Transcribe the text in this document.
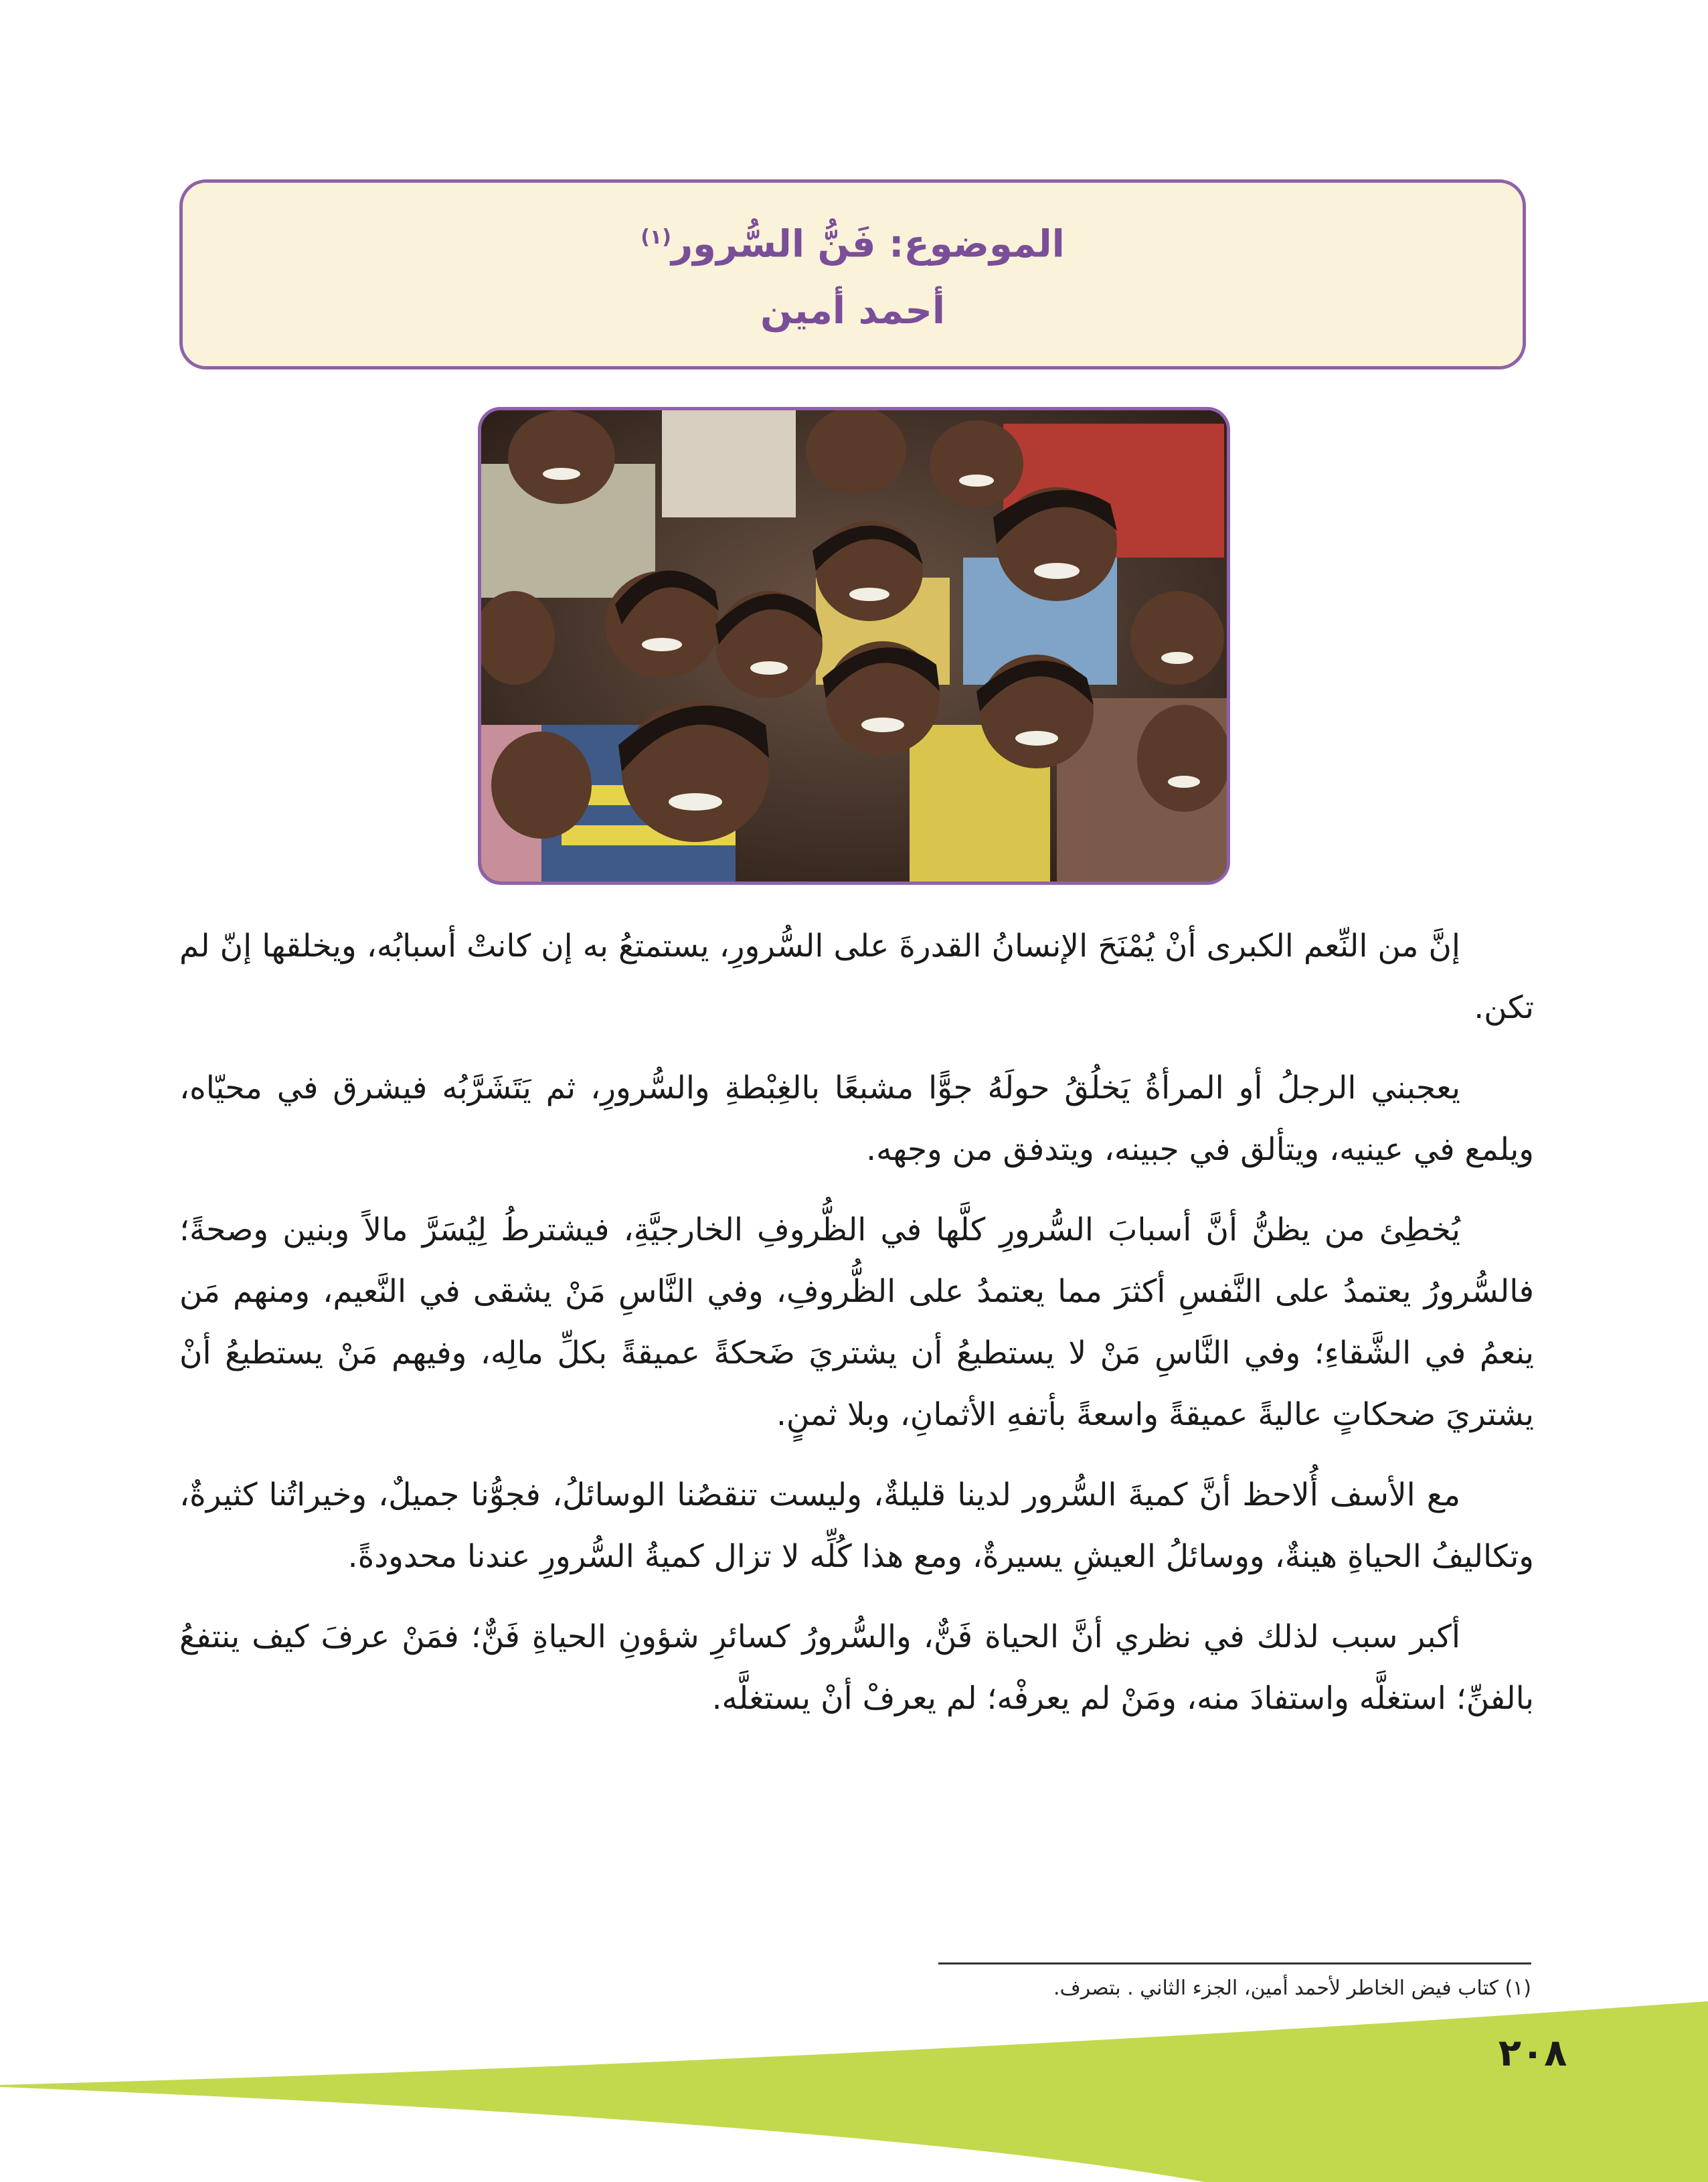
الموضوع: فَنُّ السُّرور$^{(١)}$
أحمد أمين

إنَّ من النِّعم الكبرى أنْ يُمْنَحَ الإنسانُ القدرةَ على السُّرورِ، يستمتعُ به إن كانتْ أسبابُه، ويخلقها إنّ لم تكن.

يعجبني الرجلُ أو المرأةُ يَخلُقُ حولَهُ جوًّا مشبعًا بالغِبْطةِ والسُّرورِ، ثم يَتَشَرَّبُه فيشرق في محيّاه، ويلمع في عينيه، ويتألق في جبينه، ويتدفق من وجهه.

يُخطِئ من يظنُّ أنَّ أسبابَ السُّرورِ كلَّها في الظُّروفِ الخارجيَّةِ، فيشترطُ لِيُسَرَّ مالاً وبنين وصحةً؛ فالسُّرورُ يعتمدُ على النَّفسِ أكثرَ مما يعتمدُ على الظُّروفِ، وفي النَّاسِ مَنْ يشقى في النَّعيم، ومنهم مَن ينعمُ في الشَّقاءِ؛ وفي النَّاسِ مَنْ لا يستطيعُ أن يشتريَ ضَحكةً عميقةً بكلِّ مالِه، وفيهم مَنْ يستطيعُ أنْ يشتريَ ضحكاتٍ عاليةً عميقةً واسعةً بأتفهِ الأثمانِ، وبلا ثمنٍ.

مع الأسف أُلاحظ أنَّ كميةَ السُّرور لدينا قليلةٌ، وليست تنقصُنا الوسائلُ، فجوُّنا جميلٌ، وخيراتُنا كثيرةٌ، وتكاليفُ الحياةِ هينةٌ، ووسائلُ العيشِ يسيرةٌ، ومع هذا كُلِّه لا تزال كميةُ السُّرورِ عندنا محدودةً.

أكبر سبب لذلك في نظري أنَّ الحياة فَنٌّ، والسُّرورُ كسائرِ شؤونِ الحياةِ فَنٌّ؛ فمَنْ عرفَ كيف ينتفعُ بالفنِّ؛ استغلَّه واستفادَ منه، ومَنْ لم يعرفْه؛ لم يعرفْ أنْ يستغلَّه.

(١) كتاب فيض الخاطر لأحمد أمين، الجزء الثاني . بتصرف.
٢٠٨
